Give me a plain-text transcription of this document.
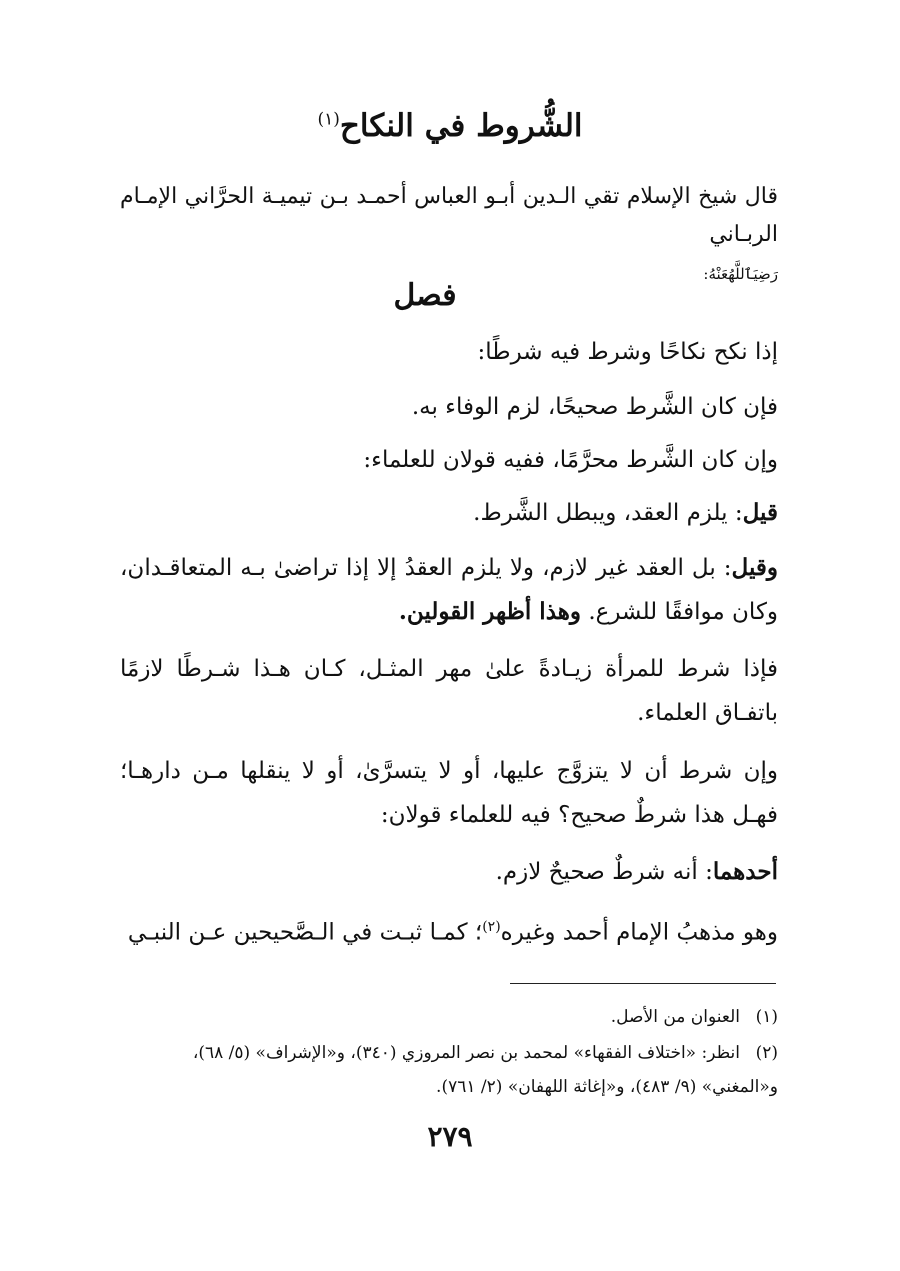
الشُّروط في النكاح$^{(١)}$

قال شيخ الإسلام تقي الـدين أبـو العباس أحمـد بـن تيميـة الحرَّاني الإمـام الربـاني
رَضِيَٱللَّهُعَنْهُ:

فصل

إذا نكح نكاحًا وشرط فيه شرطًا:

فإن كان الشَّرط صحيحًا، لزم الوفاء به.

وإن كان الشَّرط محرَّمًا، ففيه قولان للعلماء:

قيل: يلزم العقد، ويبطل الشَّرط.

وقيل: بل العقد غير لازم، ولا يلزم العقدُ إلا إذا تراضىٰ بـه المتعاقـدان، وكان موافقًا للشرع. وهذا أظهر القولين.

فإذا شرط للمرأة زيـادةً علىٰ مهر المثـل، كـان هـذا شـرطًا لازمًا باتفـاق العلماء.

وإن شرط أن لا يتزوَّج عليها، أو لا يتسرَّىٰ، أو لا ينقلها مـن دارهـا؛ فهـل هذا شرطٌ صحيح؟ فيه للعلماء قولان:

أحدهما: أنه شرطٌ صحيحٌ لازم.

وهو مذهبُ الإمام أحمد وغيره$^{(٢)}$؛ كمـا ثبـت في الـصَّحيحين عـن النبـي

(١)العنوان من الأصل.

(٢)انظر: «اختلاف الفقهاء» لمحمد بن نصر المروزي (٣٤٠)، و«الإشراف» (٥/ ٦٨)، و«المغني» (٩/ ٤٨٣)، و«إغاثة اللهفان» (٢/ ٧٦١).

٢٧٩
